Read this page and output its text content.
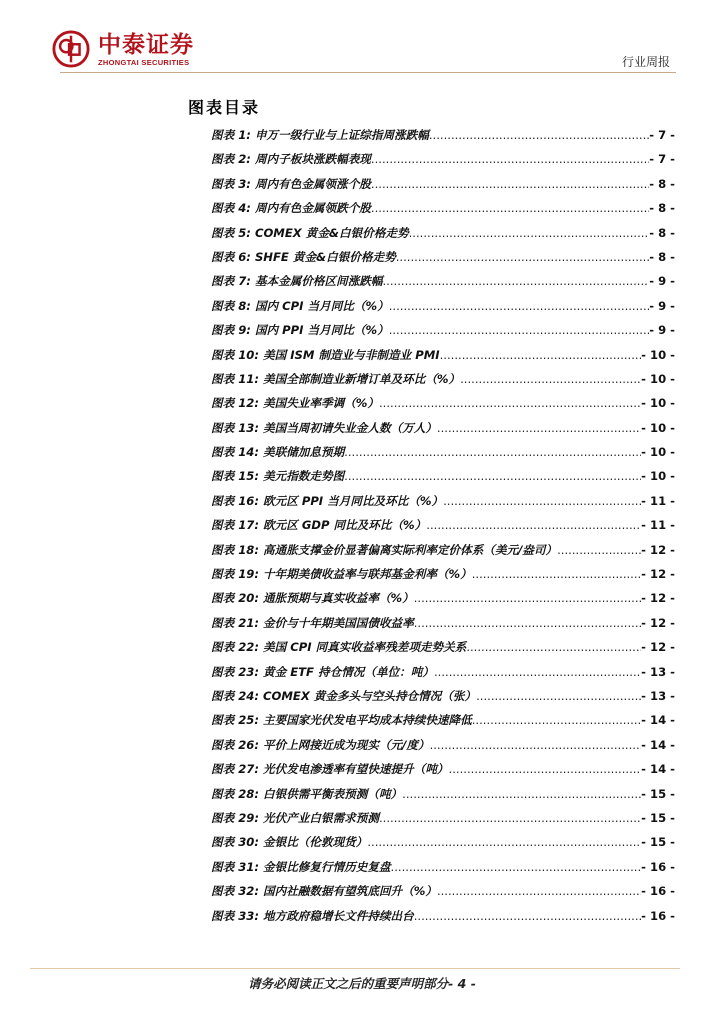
中泰证券
ZHONGTAI SECURITIES	行业周报
图表目录
图表 1 : 申万一级行业与上证综指周涨跌幅 .....	- 7 -
图表 2 : 周内子板块涨跌幅表现 .....	- 7 -
图表 3 : 周内有色金属领涨个股 .....	- 8 -
图表 4 : 周内有色金属领跌个股 .....	- 8 -
图表 5 : COMEX 黄金&白银价格走势 .....	- 8 -
图表 6 : SHFE 黄金&白银价格走势 .....	- 8 -
图表 7 : 基本金属价格区间涨跌幅 .....	- 9 -
图表 8 : 国内 CPI 当月同比（%） .....	- 9 -
图表 9 : 国内 PPI 当月同比（%） .....	- 9 -
图表 10 : 美国 ISM 制造业与非制造业 PMI .....	- 10 -
图表 11 : 美国全部制造业新增订单及环比（%） .....	- 10 -
图表 12 : 美国失业率季调（%） .....	- 10 -
图表 13 : 美国当周初请失业金人数（万人） .....	- 10 -
图表 14 : 美联储加息预期 .....	- 10 -
图表 15 : 美元指数走势图 .....	- 10 -
图表 16 : 欧元区 PPI 当月同比及环比（%） .....	- 11 -
图表 17 : 欧元区 GDP 同比及环比（%） .....	- 11 -
图表 18 : 高通胀支撑金价显著偏离实际利率定价体系（美元/盎司） .....	- 12 -
图表 19 : 十年期美债收益率与联邦基金利率（%） .....	- 12 -
图表 20 : 通胀预期与真实收益率（%） .....	- 12 -
图表 21 : 金价与十年期美国国债收益率 .....	- 12 -
图表 22 : 美国 CPI 同真实收益率残差项走势关系 .....	- 12 -
图表 23 : 黄金 ETF 持仓情况（单位：吨） .....	- 13 -
图表 24 : COMEX 黄金多头与空头持仓情况（张） .....	- 13 -
图表 25 : 主要国家光伏发电平均成本持续快速降低 .....	- 14 -
图表 26 : 平价上网接近成为现实（元/度） .....	- 14 -
图表 27 : 光伏发电渗透率有望快速提升（吨） .....	- 14 -
图表 28 : 白银供需平衡表预测（吨） .....	- 15 -
图表 29 : 光伏产业白银需求预测 .....	- 15 -
图表 30 : 金银比（伦敦现货） .....	- 15 -
图表 31 : 金银比修复行情历史复盘 .....	- 16 -
图表 32 : 国内社融数据有望筑底回升（%） .....	- 16 -
图表 33 : 地方政府稳增长文件持续出台 .....	- 16 -
请务必阅读正文之后的重要声明部分- 4 -
